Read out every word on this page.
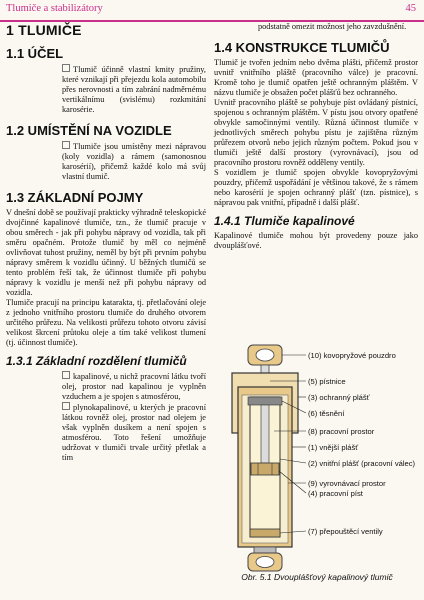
Tlumiče a stabilizátory	45
1 TLUMIČE
1.1 ÚČEL

Tlumič účinně vlastní kmity pružiny, které vznikají při přejezdu kola automobilu přes nerovnosti a tím zabrání nadměrnému vertikálnímu (svislému) rozkmitání karosérie.

1.2 UMÍSTĚNÍ NA VOZIDLE

Tlumiče jsou umístěny mezi nápravou (koly vozidla) a rámem (samonosnou karosérií), přičemž každé kolo má svůj vlastní tlumič.

1.3 ZÁKLADNÍ POJMY

V dnešní době se používají prakticky výhradně teleskopické dvojčinné kapalinové tlumiče, tzn., že tlumič pracuje v obou směrech - jak při pohybu nápravy od vozidla, tak při směru opačném. Protože tlumič by měl co nejméně ovlivňovat tuhost pružiny, neměl by být při prvním pohybu nápravy směrem k vozidlu účinný. U běžných tlumičů se tento problém řeší tak, že účinnost tlumiče při pohybu nápravy k vozidlu je menší než při pohybu nápravy od vozidla.

Tlumiče pracují na principu katarakta, tj. přetlačování oleje z jednoho vnitřního prostoru tlumiče do druhého otvorem určitého průřezu. Na velikosti průřezu tohoto otvoru závisí velikost škrcení průtoku oleje a tím také velikost tlumení (tj. účinnost tlumiče).

1.3.1 Základní rozdělení tlumičů

kapalinové, u nichž pracovní látku tvoří olej, prostor nad kapalinou je vyplněn vzduchem a je spojen s atmosférou,

plynokapalinové, u kterých je pracovní látkou rovněž olej, prostor nad olejem je však vyplněn dusíkem a není spojen s atmosférou. Toto řešení umožňuje udržovat v tlumiči trvale určitý přetlak a tím

podstatně omezit možnost jeho zavzdušnění.

1.4 KONSTRUKCE TLUMIČŮ

Tlumič je tvořen jedním nebo dvěma plášti, přičemž prostor uvnitř vnitřního pláště (pracovního válce) je pracovní. Kromě toho je tlumič opatřen ještě ochranným pláštěm. V názvu tlumiče je obsažen počet plášťů bez ochranného.

Uvnitř pracovního pláště se pohybuje píst ovládaný pístnicí, spojenou s ochranným pláštěm. V pístu jsou otvory opatřené obvykle samočinnými ventily. Různá účinnost tlumiče v jednotlivých směrech pohybu pístu je zajištěna různým průřezem otvorů nebo jejich různým počtem. Pokud jsou v tlumiči ještě další prostory (vyrovnávací), jsou od pracovního prostoru rovněž odděleny ventily.

S vozidlem je tlumič spojen obvykle kovopryžovými pouzdry, přičemž uspořádání je většinou takové, že s rámem nebo karosérií je spojen ochranný plášť (tzn. pístnice), s nápravou pak vnitřní, případně i další plášť.

1.4.1 Tlumiče kapalinové

Kapalinové tlumiče mohou být provedeny pouze jako dvouplášťové.

(10) kovopryžové pouzdro
(5) pístnice
(3) ochranný plášť
(6) těsnění
(8) pracovní prostor
(1) vnější plášť
(2) vnitřní plášť (pracovní válec)
(9) vyrovnávací prostor
(4) pracovní píst
(7) přepouštěcí ventily
Obr. 5.1 Dvouplášťový kapalinový tlumič
